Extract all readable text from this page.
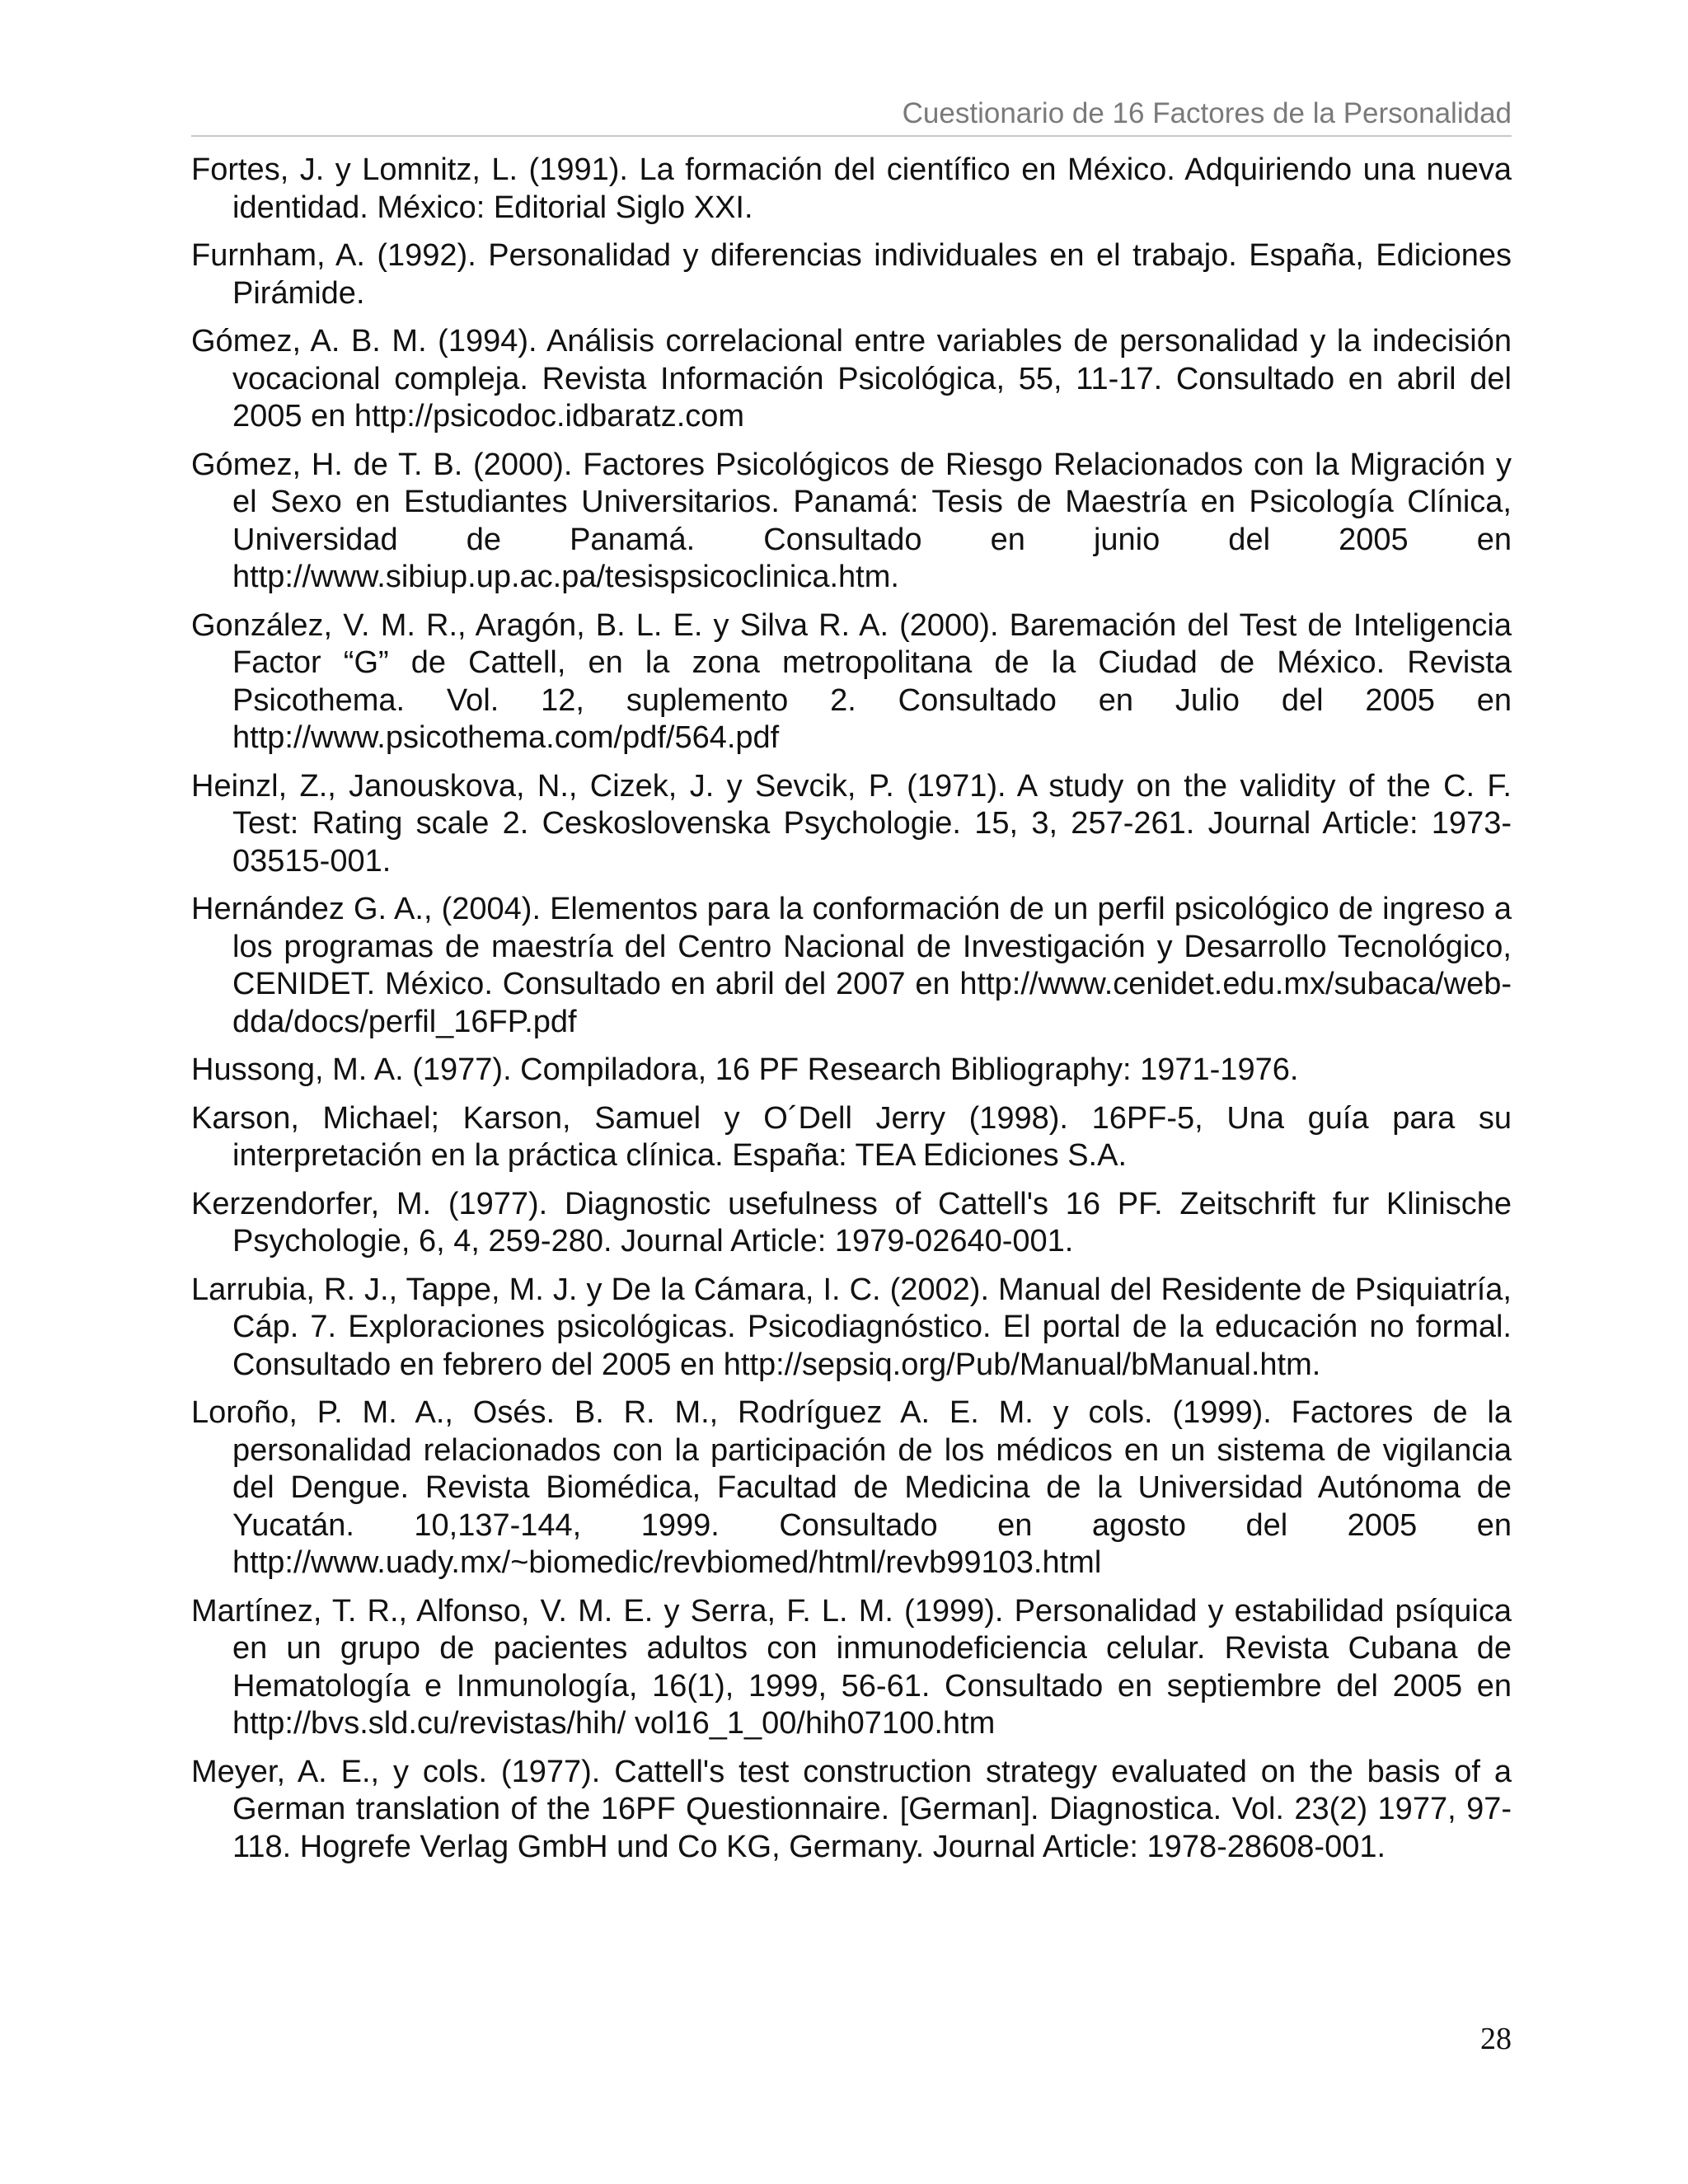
Cuestionario de 16 Factores de la Personalidad
Fortes, J. y Lomnitz, L. (1991). La formación del científico en México. Adquiriendo una nueva identidad. México: Editorial Siglo XXI.
Furnham, A. (1992). Personalidad y diferencias individuales en el trabajo. España, Ediciones Pirámide.
Gómez, A. B. M. (1994). Análisis correlacional entre variables de personalidad y la indecisión vocacional compleja. Revista Información Psicológica, 55, 11-17. Consultado en abril del 2005 en http://psicodoc.idbaratz.com
Gómez, H. de T. B. (2000). Factores Psicológicos de Riesgo Relacionados con la Migración y el Sexo en Estudiantes Universitarios. Panamá: Tesis de Maestría en Psicología Clínica, Universidad de Panamá. Consultado en junio del 2005 en http://www.sibiup.up.ac.pa/tesispsicoclinica.htm.
González, V. M. R., Aragón, B. L. E. y Silva R. A. (2000). Baremación del Test de Inteligencia Factor “G” de Cattell, en la zona metropolitana de la Ciudad de México. Revista Psicothema. Vol. 12, suplemento 2. Consultado en Julio del 2005 en http://www.psicothema.com/pdf/564.pdf
Heinzl, Z., Janouskova, N., Cizek, J. y Sevcik, P. (1971). A study on the validity of the C. F. Test: Rating scale 2. Ceskoslovenska Psychologie. 15, 3, 257-261. Journal Article: 1973-03515-001.
Hernández G. A., (2004). Elementos para la conformación de un perfil psicológico de ingreso a los programas de maestría del Centro Nacional de Investigación y Desarrollo Tecnológico, CENIDET. México. Consultado en abril del 2007 en http://www.cenidet.edu.mx/subaca/web-dda/docs/perfil_16FP.pdf
Hussong, M. A. (1977). Compiladora, 16 PF Research Bibliography: 1971-1976.
Karson, Michael; Karson, Samuel y O´Dell Jerry (1998). 16PF-5, Una guía para su interpretación en la práctica clínica. España: TEA Ediciones S.A.
Kerzendorfer, M. (1977). Diagnostic usefulness of Cattell's 16 PF. Zeitschrift fur Klinische Psychologie, 6, 4, 259-280. Journal Article: 1979-02640-001.
Larrubia, R. J., Tappe, M. J. y De la Cámara, I. C. (2002). Manual del Residente de Psiquiatría, Cáp. 7. Exploraciones psicológicas. Psicodiagnóstico. El portal de la educación no formal. Consultado en febrero del 2005 en http://sepsiq.org/Pub/Manual/bManual.htm.
Loroño, P. M. A., Osés. B. R. M., Rodríguez A. E. M. y cols. (1999). Factores de la personalidad relacionados con la participación de los médicos en un sistema de vigilancia del Dengue. Revista Biomédica, Facultad de Medicina de la Universidad Autónoma de Yucatán. 10,137-144, 1999. Consultado en agosto del 2005 en http://www.uady.mx/~biomedic/revbiomed/html/revb99103.html
Martínez, T. R., Alfonso, V. M. E. y Serra, F. L. M. (1999). Personalidad y estabilidad psíquica en un grupo de pacientes adultos con inmunodeficiencia celular. Revista Cubana de Hematología e Inmunología, 16(1), 1999, 56-61. Consultado en septiembre del 2005 en http://bvs.sld.cu/revistas/hih/ vol16_1_00/hih07100.htm
Meyer, A. E., y cols. (1977). Cattell's test construction strategy evaluated on the basis of a German translation of the 16PF Questionnaire. [German]. Diagnostica. Vol. 23(2) 1977, 97-118. Hogrefe Verlag GmbH und Co KG, Germany. Journal Article: 1978-28608-001.
28
